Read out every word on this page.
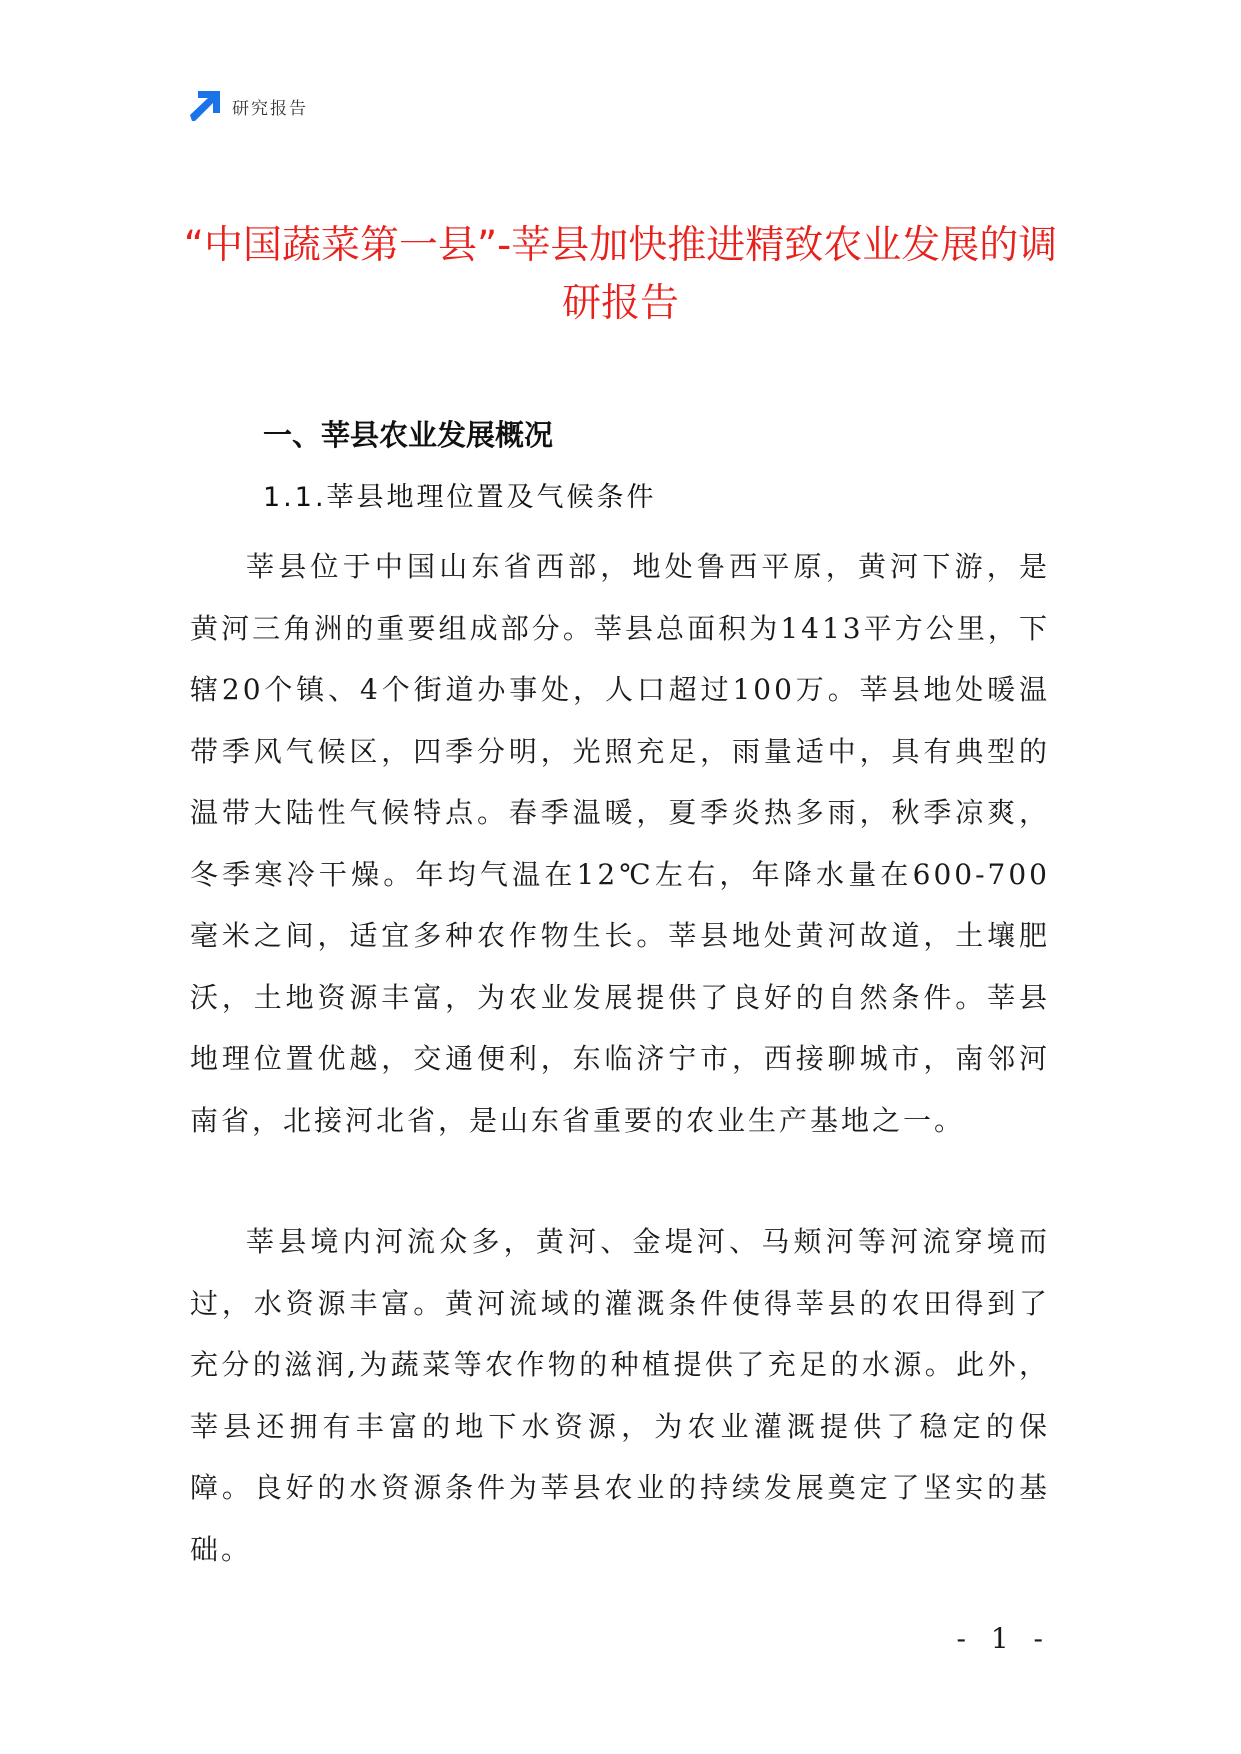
研究报告
“中国蔬菜第一县”-莘县加快推进精致农业发展的调研报告
一、莘县农业发展概况
1.1.莘县地理位置及气候条件

莘县位于中国山东省西部，地处鲁西平原，黄河下游，是黄河三角洲的重要组成部分。莘县总面积为1413平方公里，下辖20个镇、4个街道办事处，人口超过100万。莘县地处暖温带季风气候区，四季分明，光照充足，雨量适中，具有典型的温带大陆性气候特点。春季温暖，夏季炎热多雨，秋季凉爽，冬季寒冷干燥。年均气温在12℃左右，年降水量在600-700毫米之间，适宜多种农作物生长。莘县地处黄河故道，土壤肥沃，土地资源丰富，为农业发展提供了良好的自然条件。莘县地理位置优越，交通便利，东临济宁市，西接聊城市，南邻河南省，北接河北省，是山东省重要的农业生产基地之一。

莘县境内河流众多，黄河、金堤河、马颊河等河流穿境而过，水资源丰富。黄河流域的灌溉条件使得莘县的农田得到了充分的滋润,为蔬菜等农作物的种植提供了充足的水源。此外，莘县还拥有丰富的地下水资源，为农业灌溉提供了稳定的保障。良好的水资源条件为莘县农业的持续发展奠定了坚实的基础。

- 1 -
